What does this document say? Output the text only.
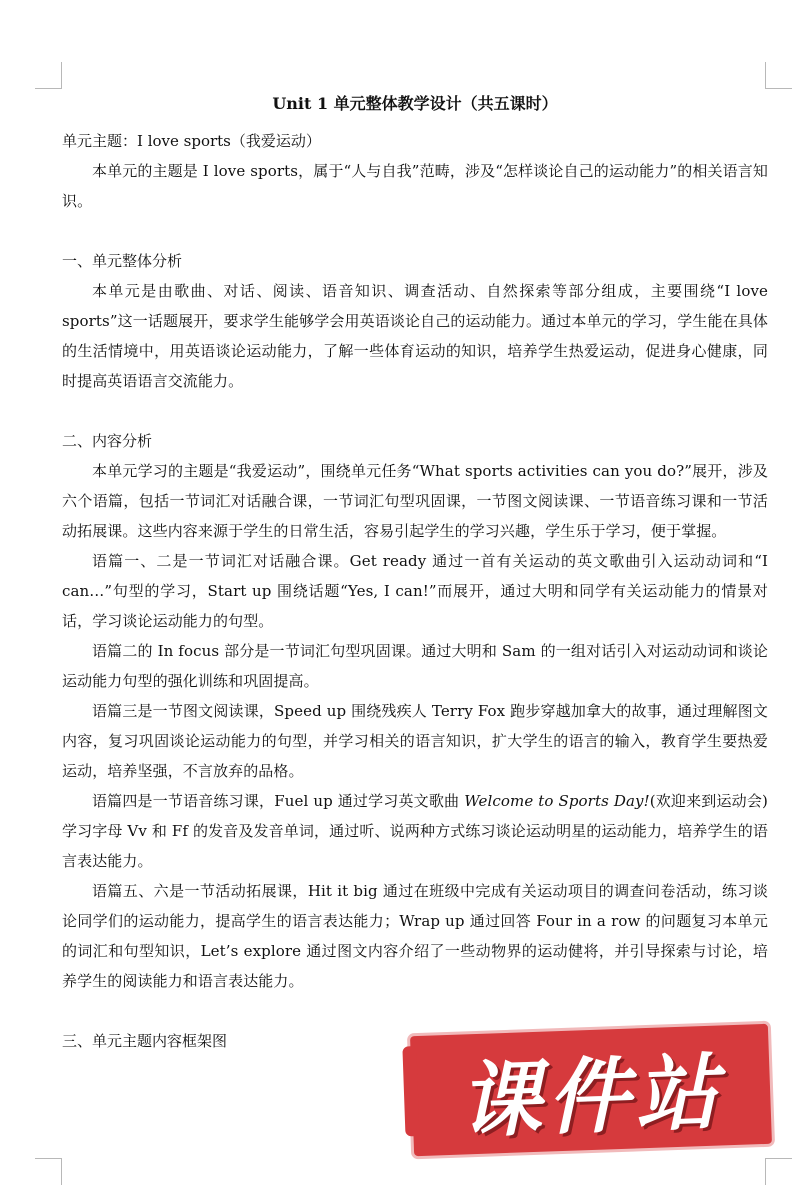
Unit 1 单元整体教学设计（共五课时）

单元主题：I love sports（我爱运动）

本单元的主题是 I love sports，属于“人与自我”范畴，涉及“怎样谈论自己的运动能力”的相关语言知识。

一、单元整体分析

本单元是由歌曲、对话、阅读、语音知识、调查活动、自然探索等部分组成，主要围绕“I love sports”这一话题展开，要求学生能够学会用英语谈论自己的运动能力。通过本单元的学习，学生能在具体的生活情境中，用英语谈论运动能力，了解一些体育运动的知识，培养学生热爱运动，促进身心健康，同时提高英语语言交流能力。

二、内容分析

本单元学习的主题是“我爱运动”，围绕单元任务“What sports activities can you do?”展开，涉及六个语篇，包括一节词汇对话融合课，一节词汇句型巩固课，一节图文阅读课、一节语音练习课和一节活动拓展课。这些内容来源于学生的日常生活，容易引起学生的学习兴趣，学生乐于学习，便于掌握。

语篇一、二是一节词汇对话融合课。Get ready 通过一首有关运动的英文歌曲引入运动动词和“I can…”句型的学习，Start up 围绕话题“Yes, I can!”而展开，通过大明和同学有关运动能力的情景对话，学习谈论运动能力的句型。

语篇二的 In focus 部分是一节词汇句型巩固课。通过大明和 Sam 的一组对话引入对运动动词和谈论运动能力句型的强化训练和巩固提高。

语篇三是一节图文阅读课，Speed up 围绕残疾人 Terry Fox 跑步穿越加拿大的故事，通过理解图文内容，复习巩固谈论运动能力的句型，并学习相关的语言知识，扩大学生的语言的输入，教育学生要热爱运动，培养坚强，不言放弃的品格。

语篇四是一节语音练习课，Fuel up 通过学习英文歌曲 Welcome to Sports Day!(欢迎来到运动会)学习字母 Vv 和 Ff 的发音及发音单词，通过听、说两种方式练习谈论运动明星的运动能力，培养学生的语言表达能力。

语篇五、六是一节活动拓展课，Hit it big 通过在班级中完成有关运动项目的调查问卷活动，练习谈论同学们的运动能力，提高学生的语言表达能力；Wrap up 通过回答 Four in a row 的问题复习本单元的词汇和句型知识，Let’s explore 通过图文内容介绍了一些动物界的运动健将，并引导探索与讨论，培养学生的阅读能力和语言表达能力。

三、单元主题内容框架图

课件站
